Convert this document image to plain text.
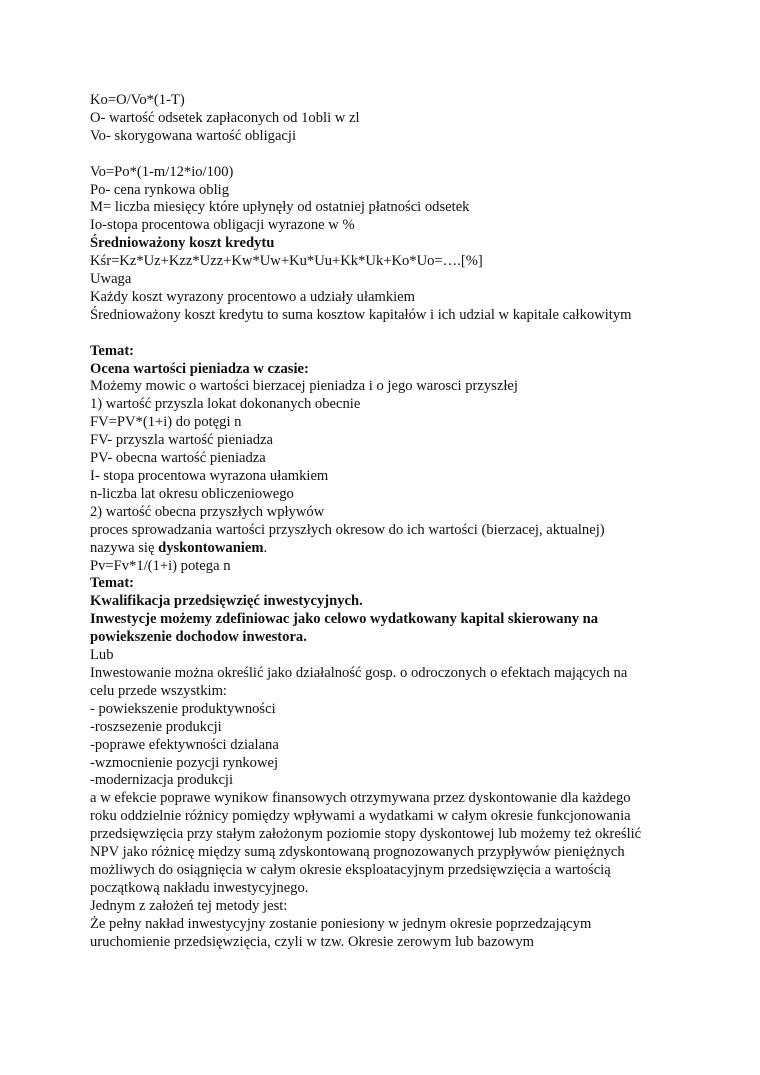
Ko=O/Vo*(1-T)
O- wartość odsetek zapłaconych od 1obli w zl
Vo- skorygowana wartość obligacji
Vo=Po*(1-m/12*io/100)
Po- cena rynkowa oblig
M= liczba miesięcy które upłynęły od ostatniej płatności odsetek
Io-stopa procentowa obligacji wyrazone w %
Średnioważony koszt kredytu
Kśr=Kz*Uz+Kzz*Uzz+Kw*Uw+Ku*Uu+Kk*Uk+Ko*Uo=….[%]
Uwaga
Każdy koszt wyrazony procentowo a udziały ułamkiem
Średnioważony koszt kredytu to suma kosztow kapitałów i ich udzial w kapitale całkowitym
Temat:
Ocena wartości pieniadza w czasie:
Możemy mowic o wartości bierzacej pieniadza i o jego warosci przyszłej
1) wartość przyszla lokat dokonanych obecnie
FV=PV*(1+i) do potęgi n
FV- przyszla wartość pieniadza
PV- obecna wartość pieniadza
I- stopa procentowa wyrazona ułamkiem
n-liczba lat okresu obliczeniowego
2) wartość obecna przyszłych wpływów
proces sprowadzania wartości przyszłych okresow do ich wartości (bierzacej, aktualnej)
nazywa się dyskontowaniem.
Pv=Fv*1/(1+i) potega n
Temat:
Kwalifikacja przedsięwzięć inwestycyjnych.
Inwestycje możemy zdefiniowac jako celowo wydatkowany kapital skierowany na
powiekszenie dochodow inwestora.
Lub
Inwestowanie można określić jako działalność gosp. o odroczonych o efektach mających na
celu przede wszystkim:
- powiekszenie produktywności
-roszsezenie produkcji
-poprawe efektywności dzialana
-wzmocnienie pozycji rynkowej
-modernizacja produkcji
a w efekcie poprawe wynikow finansowych otrzymywana przez dyskontowanie dla każdego
roku oddzielnie różnicy pomiędzy wpływami a wydatkami w całym okresie funkcjonowania
przedsięwzięcia przy stałym założonym poziomie stopy dyskontowej lub możemy też określić
NPV jako różnicę między sumą zdyskontowaną prognozowanych przypływów pieniężnych
możliwych do osiągnięcia w całym okresie eksploatacyjnym przedsięwzięcia a wartością
początkową nakładu inwestycyjnego.
Jednym z założeń tej metody jest:
Że pełny nakład inwestycyjny zostanie poniesiony w jednym okresie poprzedzającym
uruchomienie przedsięwzięcia, czyli w tzw. Okresie zerowym lub bazowym
